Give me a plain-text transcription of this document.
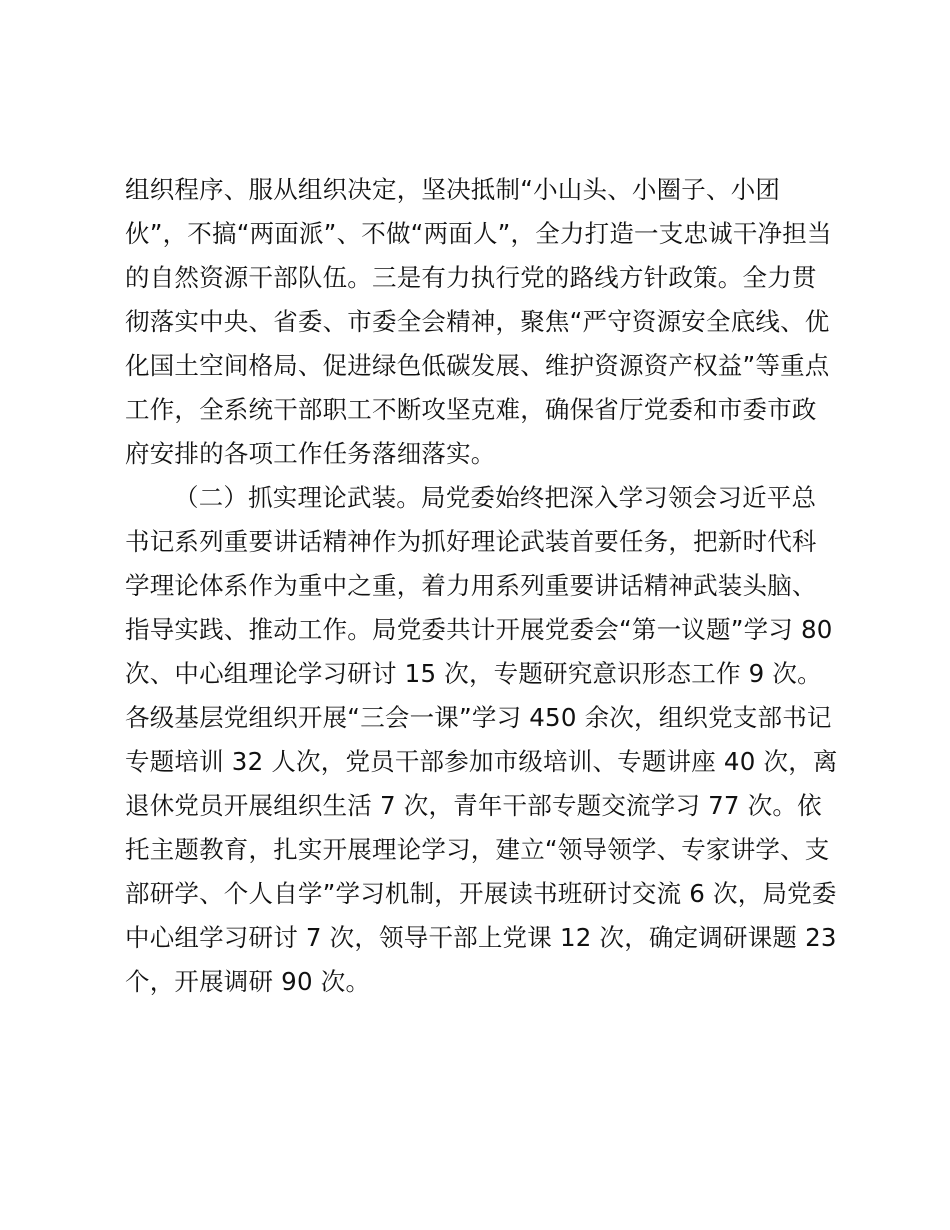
组织程序、服从组织决定，坚决抵制“小山头、小圈子、小团
伙”，不搞“两面派”、不做“两面人”，全力打造一支忠诚干净担当
的自然资源干部队伍。三是有力执行党的路线方针政策。全力贯
彻落实中央、省委、市委全会精神，聚焦“严守资源安全底线、优
化国土空间格局、促进绿色低碳发展、维护资源资产权益”等重点
工作，全系统干部职工不断攻坚克难，确保省厅党委和市委市政
府安排的各项工作任务落细落实。
（二）抓实理论武装。局党委始终把深入学习领会习近平总
书记系列重要讲话精神作为抓好理论武装首要任务，把新时代科
学理论体系作为重中之重，着力用系列重要讲话精神武装头脑、
指导实践、推动工作。局党委共计开展党委会“第一议题”学习 80
次、中心组理论学习研讨 15 次，专题研究意识形态工作 9 次。
各级基层党组织开展“三会一课”学习 450 余次，组织党支部书记
专题培训 32 人次，党员干部参加市级培训、专题讲座 40 次，离
退休党员开展组织生活 7 次，青年干部专题交流学习 77 次。依
托主题教育，扎实开展理论学习，建立“领导领学、专家讲学、支
部研学、个人自学”学习机制，开展读书班研讨交流 6 次，局党委
中心组学习研讨 7 次，领导干部上党课 12 次，确定调研课题 23
个，开展调研 90 次。
